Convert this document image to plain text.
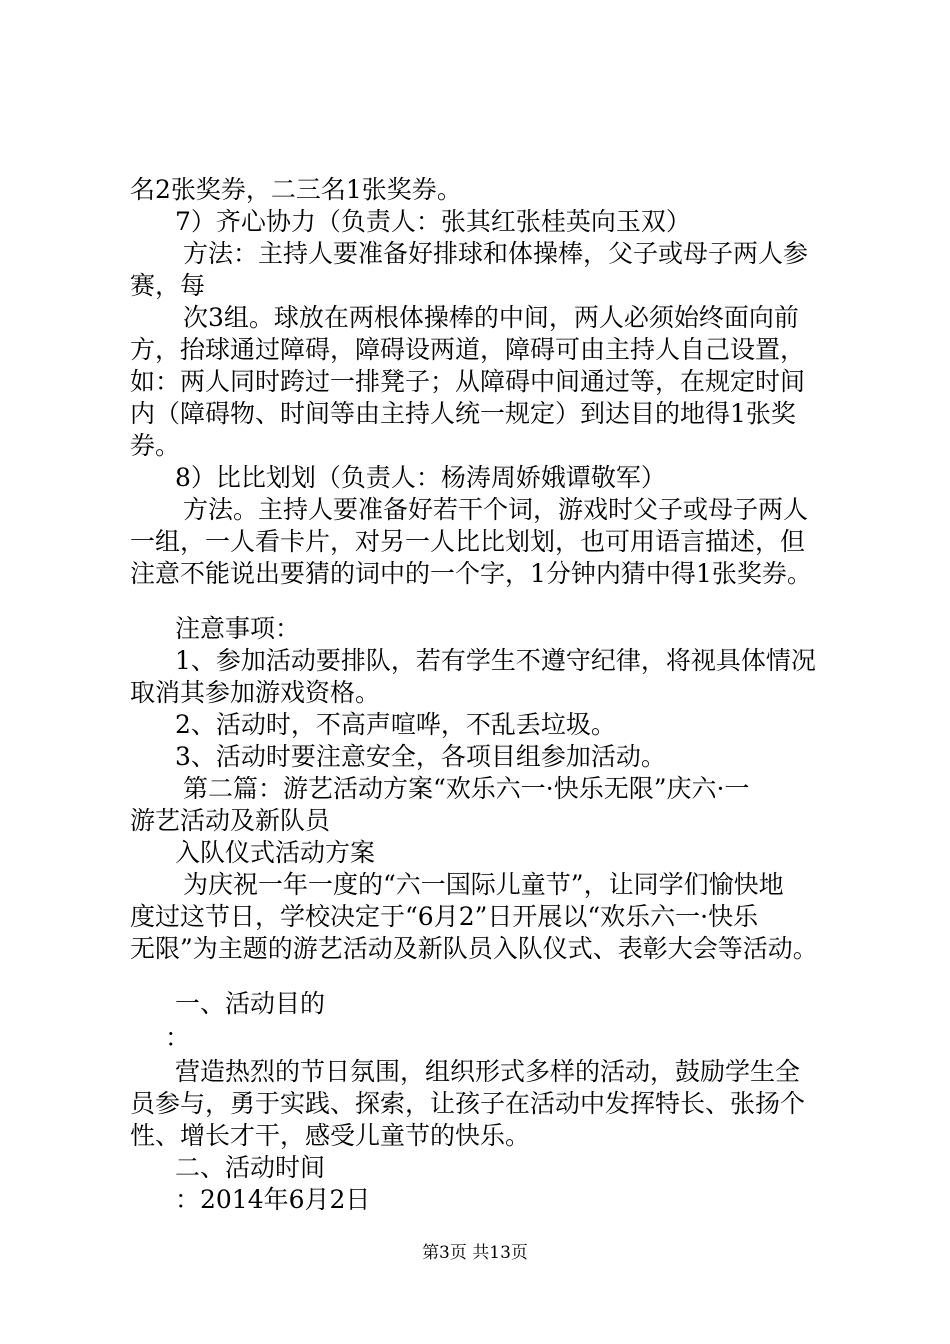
名2张奖券，二三名1张奖券。
7）齐心协力（负责人：张其红张桂英向玉双）
方法：主持人要准备好排球和体操棒，父子或母子两人参
赛，每
次3组。球放在两根体操棒的中间，两人必须始终面向前
方，抬球通过障碍，障碍设两道，障碍可由主持人自己设置，
如：两人同时跨过一排凳子；从障碍中间通过等，在规定时间
内（障碍物、时间等由主持人统一规定）到达目的地得1张奖
券。
8）比比划划（负责人：杨涛周娇娥谭敬军）
方法。主持人要准备好若干个词，游戏时父子或母子两人
一组，一人看卡片，对另一人比比划划，也可用语言描述，但
注意不能说出要猜的词中的一个字，1分钟内猜中得1张奖券。
注意事项：
1、参加活动要排队，若有学生不遵守纪律，将视具体情况
取消其参加游戏资格。
2、活动时，不高声喧哗，不乱丢垃圾。
3、活动时要注意安全，各项目组参加活动。
第二篇：游艺活动方案“欢乐六一·快乐无限”庆六·一
游艺活动及新队员
入队仪式活动方案
为庆祝一年一度的“六一国际儿童节”，让同学们愉快地
度过这节日，学校决定于“6月2”日开展以“欢乐六一·快乐
无限”为主题的游艺活动及新队员入队仪式、表彰大会等活动。
一、活动目的
：
营造热烈的节日氛围，组织形式多样的活动，鼓励学生全
员参与，勇于实践、探索，让孩子在活动中发挥特长、张扬个
性、增长才干，感受儿童节的快乐。
二、活动时间
：2014年6月2日
第3页 共13页
